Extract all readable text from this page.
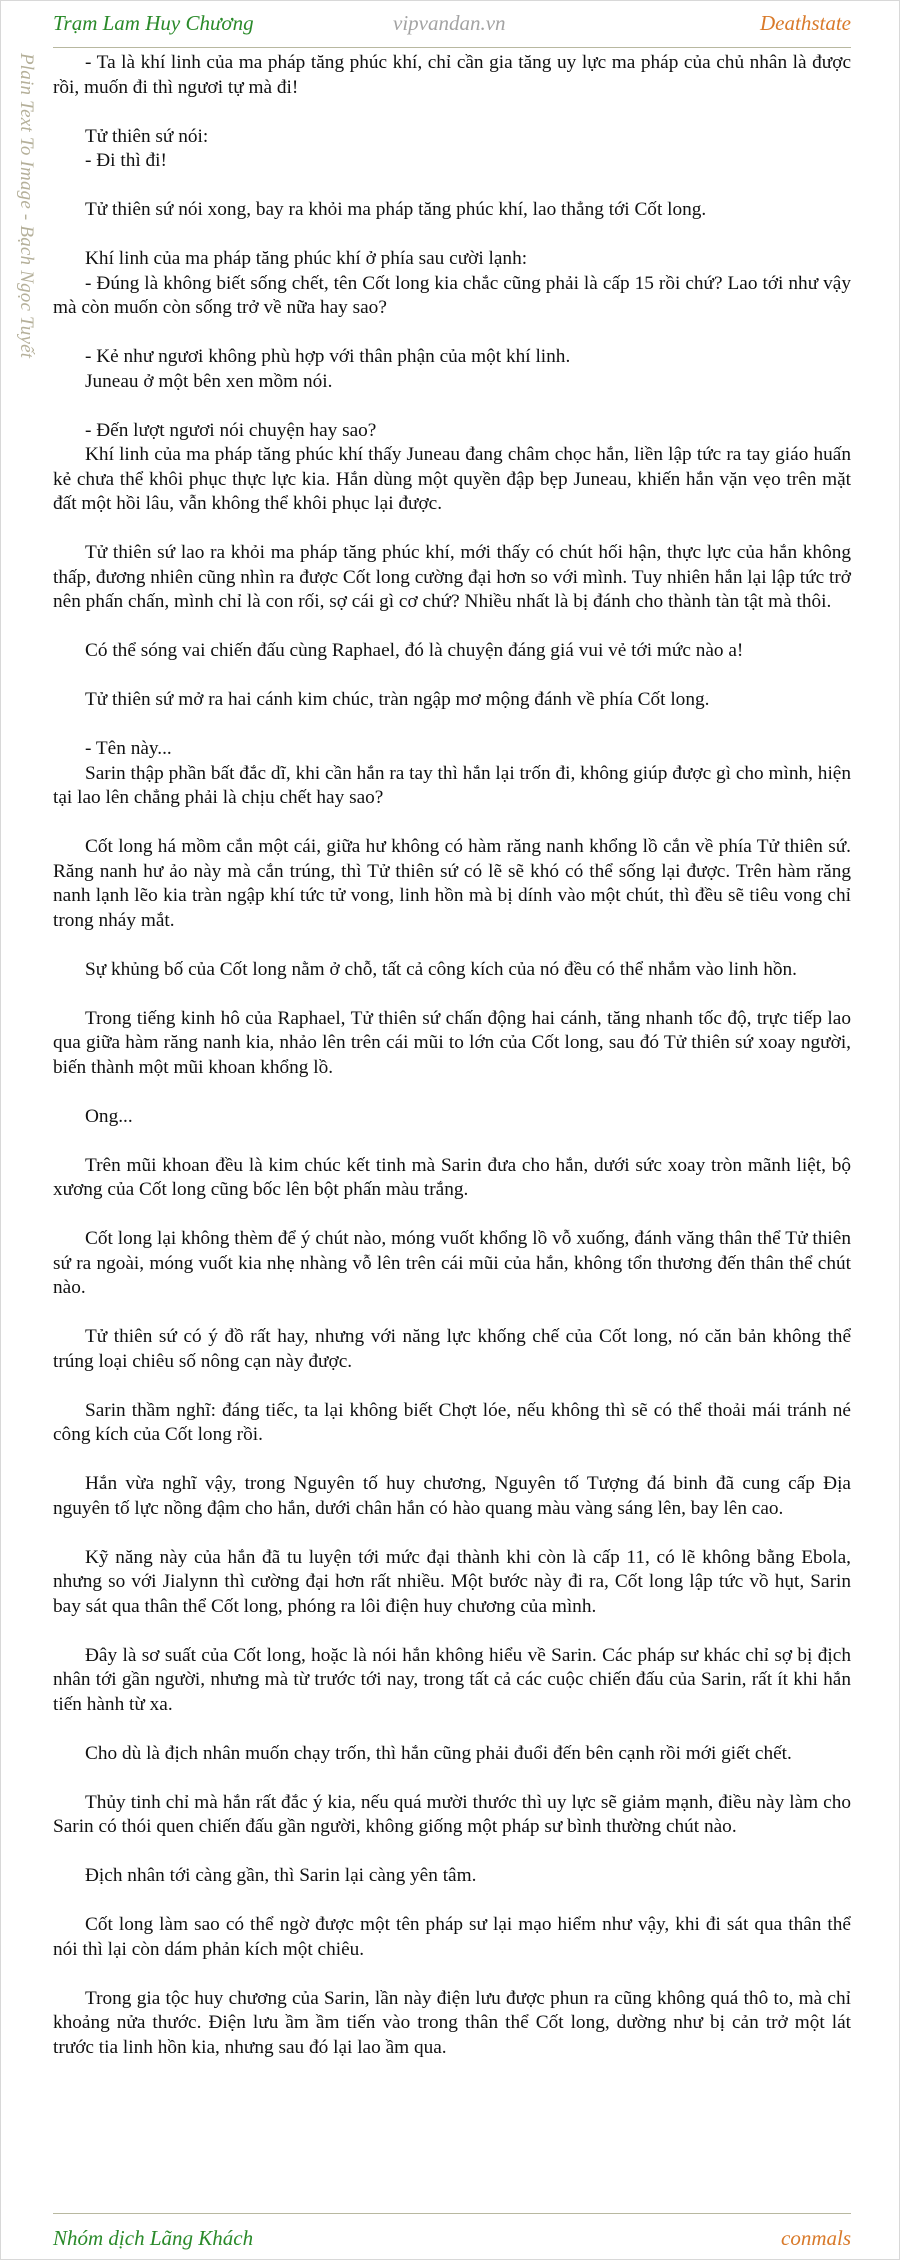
Trạm Lam Huy Chương	vipvandan.vn	Deathstate
Plain Text To Image - Bạch Ngọc Tuyết	- Ta là khí linh của ma pháp tăng phúc khí, chỉ cần gia tăng uy lực ma pháp của chủ nhân là được rồi, muốn đi thì ngươi tự mà đi!

Tử thiên sứ nói:

- Đi thì đi!

Tử thiên sứ nói xong, bay ra khỏi ma pháp tăng phúc khí, lao thẳng tới Cốt long.

Khí linh của ma pháp tăng phúc khí ở phía sau cười lạnh:

- Đúng là không biết sống chết, tên Cốt long kia chắc cũng phải là cấp 15 rồi chứ? Lao tới như vậy mà còn muốn còn sống trở về nữa hay sao?

- Kẻ như ngươi không phù hợp với thân phận của một khí linh.

Juneau ở một bên xen mồm nói.

- Đến lượt ngươi nói chuyện hay sao?

Khí linh của ma pháp tăng phúc khí thấy Juneau đang châm chọc hắn, liền lập tức ra tay giáo huấn kẻ chưa thể khôi phục thực lực kia. Hắn dùng một quyền đập bẹp Juneau, khiến hắn vặn vẹo trên mặt đất một hồi lâu, vẫn không thể khôi phục lại được.

Tử thiên sứ lao ra khỏi ma pháp tăng phúc khí, mới thấy có chút hối hận, thực lực của hắn không thấp, đương nhiên cũng nhìn ra được Cốt long cường đại hơn so với mình. Tuy nhiên hắn lại lập tức trở nên phấn chấn, mình chỉ là con rối, sợ cái gì cơ chứ? Nhiều nhất là bị đánh cho thành tàn tật mà thôi.

Có thể sóng vai chiến đấu cùng Raphael, đó là chuyện đáng giá vui vẻ tới mức nào a!

Tử thiên sứ mở ra hai cánh kim chúc, tràn ngập mơ mộng đánh về phía Cốt long.

- Tên này...

Sarin thập phần bất đắc dĩ, khi cần hắn ra tay thì hắn lại trốn đi, không giúp được gì cho mình, hiện tại lao lên chẳng phải là chịu chết hay sao?

Cốt long há mồm cắn một cái, giữa hư không có hàm răng nanh khổng lồ cắn về phía Tử thiên sứ. Răng nanh hư ảo này mà cắn trúng, thì Tử thiên sứ có lẽ sẽ khó có thể sống lại được. Trên hàm răng nanh lạnh lẽo kia tràn ngập khí tức tử vong, linh hồn mà bị dính vào một chút, thì đều sẽ tiêu vong chỉ trong nháy mắt.

Sự khủng bố của Cốt long nằm ở chỗ, tất cả công kích của nó đều có thể nhắm vào linh hồn.

Trong tiếng kinh hô của Raphael, Tử thiên sứ chấn động hai cánh, tăng nhanh tốc độ, trực tiếp lao qua giữa hàm răng nanh kia, nhảo lên trên cái mũi to lớn của Cốt long, sau đó Tử thiên sứ xoay người, biến thành một mũi khoan khổng lồ.

Ong...

Trên mũi khoan đều là kim chúc kết tinh mà Sarin đưa cho hắn, dưới sức xoay tròn mãnh liệt, bộ xương của Cốt long cũng bốc lên bột phấn màu trắng.

Cốt long lại không thèm để ý chút nào, móng vuốt khổng lồ vỗ xuống, đánh văng thân thể Tử thiên sứ ra ngoài, móng vuốt kia nhẹ nhàng vỗ lên trên cái mũi của hắn, không tổn thương đến thân thể chút nào.

Tử thiên sứ có ý đồ rất hay, nhưng với năng lực khống chế của Cốt long, nó căn bản không thể trúng loại chiêu số nông cạn này được.

Sarin thầm nghĩ: đáng tiếc, ta lại không biết Chợt lóe, nếu không thì sẽ có thể thoải mái tránh né công kích của Cốt long rồi.

Hắn vừa nghĩ vậy, trong Nguyên tố huy chương, Nguyên tố Tượng đá binh đã cung cấp Địa nguyên tố lực nồng đậm cho hắn, dưới chân hắn có hào quang màu vàng sáng lên, bay lên cao.

Kỹ năng này của hắn đã tu luyện tới mức đại thành khi còn là cấp 11, có lẽ không bằng Ebola, nhưng so với Jialynn thì cường đại hơn rất nhiều. Một bước này đi ra, Cốt long lập tức vồ hụt, Sarin bay sát qua thân thể Cốt long, phóng ra lôi điện huy chương của mình.

Đây là sơ suất của Cốt long, hoặc là nói hắn không hiểu về Sarin. Các pháp sư khác chỉ sợ bị địch nhân tới gần người, nhưng mà từ trước tới nay, trong tất cả các cuộc chiến đấu của Sarin, rất ít khi hắn tiến hành từ xa.

Cho dù là địch nhân muốn chạy trốn, thì hắn cũng phải đuổi đến bên cạnh rồi mới giết chết.

Thủy tinh chỉ mà hắn rất đắc ý kia, nếu quá mười thước thì uy lực sẽ giảm mạnh, điều này làm cho Sarin có thói quen chiến đấu gần người, không giống một pháp sư bình thường chút nào.

Địch nhân tới càng gần, thì Sarin lại càng yên tâm.

Cốt long làm sao có thể ngờ được một tên pháp sư lại mạo hiểm như vậy, khi đi sát qua thân thể nói thì lại còn dám phản kích một chiêu.

Trong gia tộc huy chương của Sarin, lần này điện lưu được phun ra cũng không quá thô to, mà chỉ khoảng nửa thước. Điện lưu ầm ầm tiến vào trong thân thể Cốt long, dường như bị cản trở một lát trước tia linh hồn kia, nhưng sau đó lại lao ầm qua.

Nhóm dịch Lãng Khách	conmals
